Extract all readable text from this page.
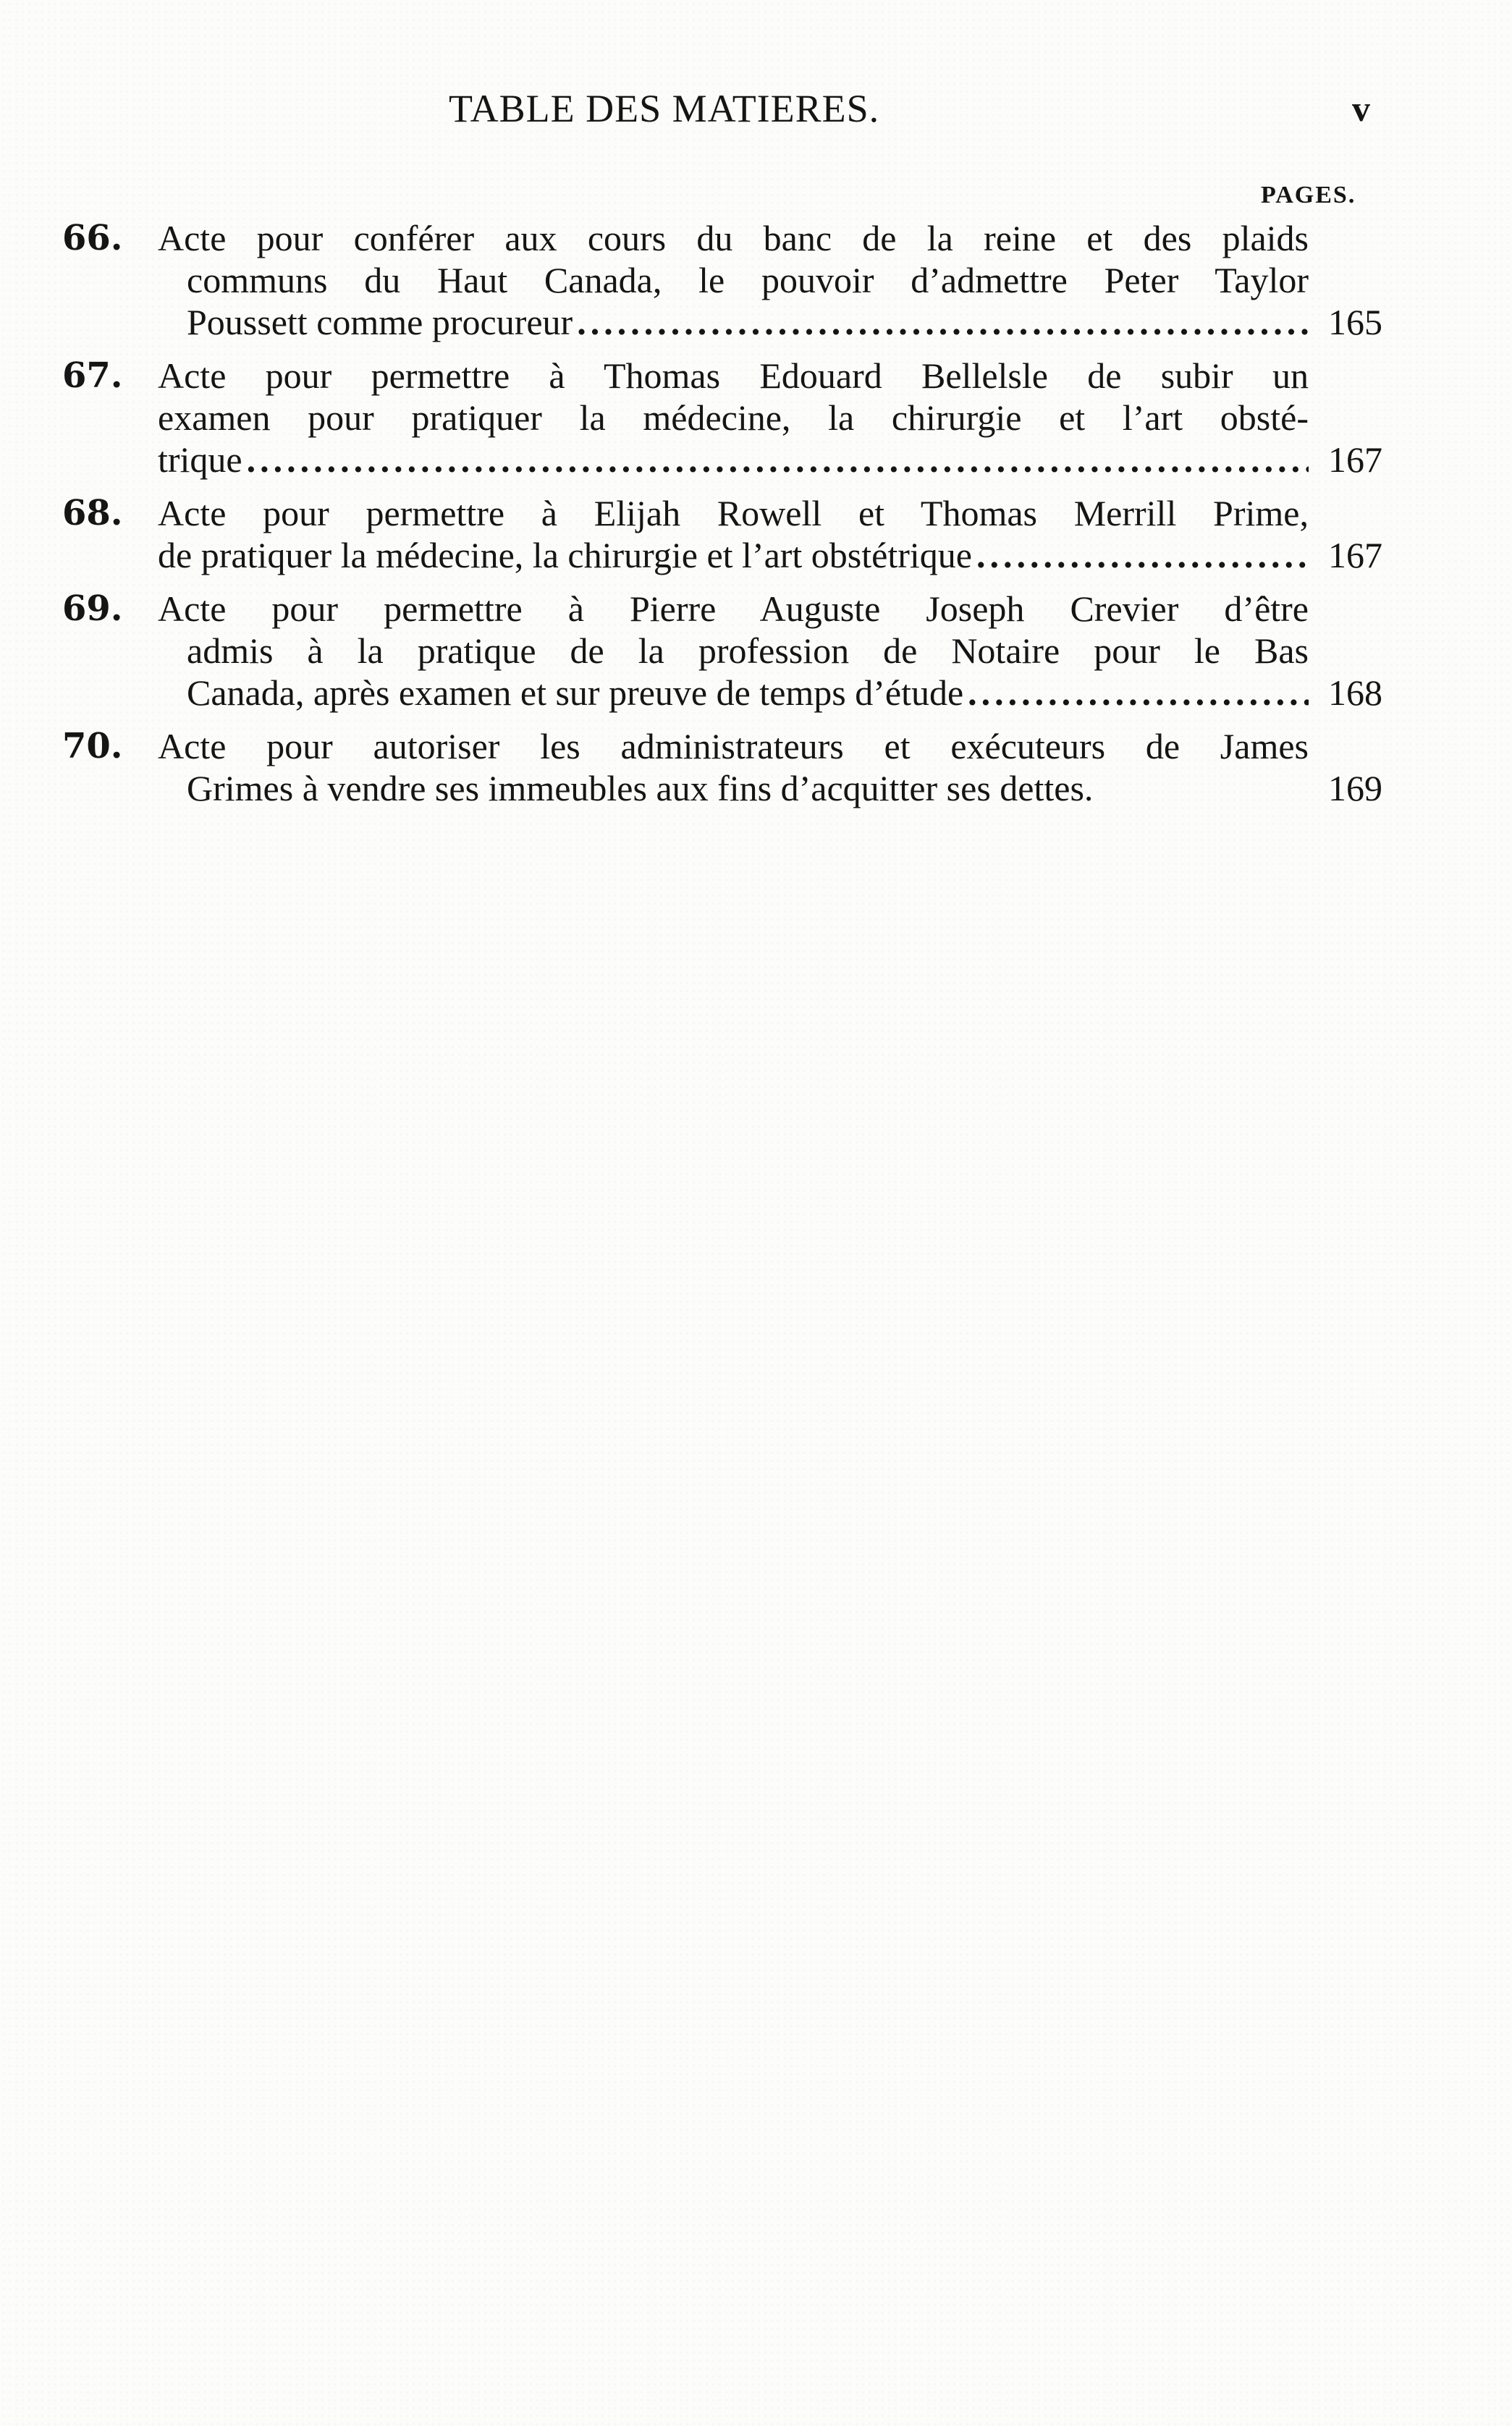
TABLE DES MATIERES.	v
PAGES.
66. Acte pour conférer aux cours du banc de la reine et des plaids
communs du Haut Canada, le pouvoir d’admettre Peter Taylor
Poussett comme procureur .....	165
67. Acte pour permettre à Thomas Edouard Bellelsle de subir un
examen pour pratiquer la médecine, la chirurgie et l’art obsté-
trique .....	167
68. Acte pour permettre à Elijah Rowell et Thomas Merrill Prime,
de pratiquer la médecine, la chirurgie et l’art obstétrique .....	167
69. Acte pour permettre à Pierre Auguste Joseph Crevier d’être
admis à la pratique de la profession de Notaire pour le Bas
Canada, après examen et sur preuve de temps d’étude .....	168
70. Acte pour autoriser les administrateurs et exécuteurs de James
Grimes à vendre ses immeubles aux fins d’acquitter ses dettes.	169
